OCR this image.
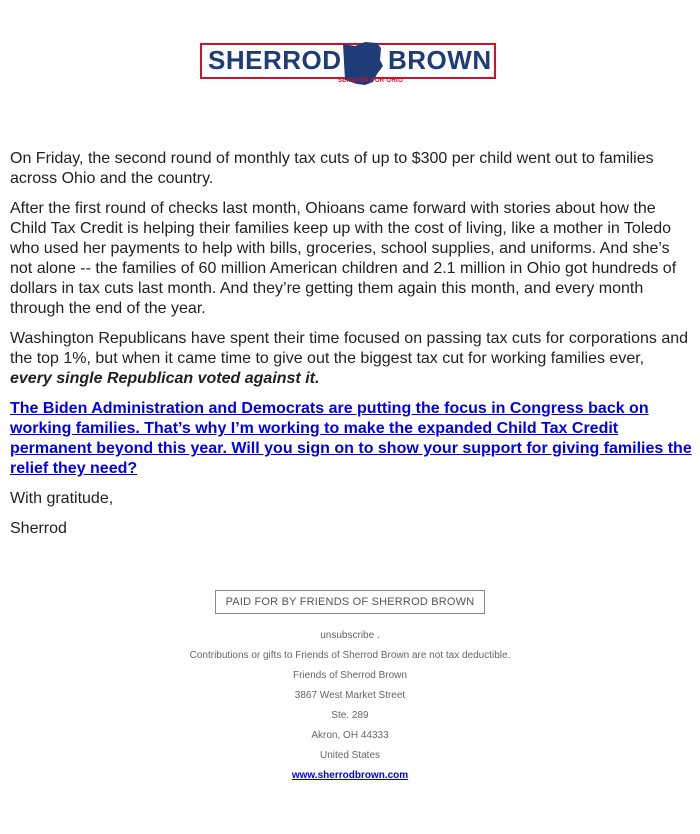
SHERROD BROWN
SENATOR FOR OHIO

On Friday, the second round of monthly tax cuts of up to $300 per child went out to families across Ohio and the country.

After the first round of checks last month, Ohioans came forward with stories about how the Child Tax Credit is helping their families keep up with the cost of living, like a mother in Toledo who used her payments to help with bills, groceries, school supplies, and uniforms. And she’s not alone -- the families of 60 million American children and 2.1 million in Ohio got hundreds of dollars in tax cuts last month. And they’re getting them again this month, and every month through the end of the year.

Washington Republicans have spent their time focused on passing tax cuts for corporations and the top 1%, but when it came time to give out the biggest tax cut for working families ever,
every single Republican voted against it.

The Biden Administration and Democrats are putting the focus in Congress back on working families. That’s why I’m working to make the expanded Child Tax Credit permanent beyond this year. Will you sign on to show your support for giving families the relief they need?

With gratitude,

Sherrod

PAID FOR BY FRIENDS OF SHERROD BROWN
unsubscribe .
Contributions or gifts to Friends of Sherrod Brown are not tax deductible.
Friends of Sherrod Brown
3867 West Market Street
Ste. 289
Akron, OH 44333
United States
www.sherrodbrown.com
